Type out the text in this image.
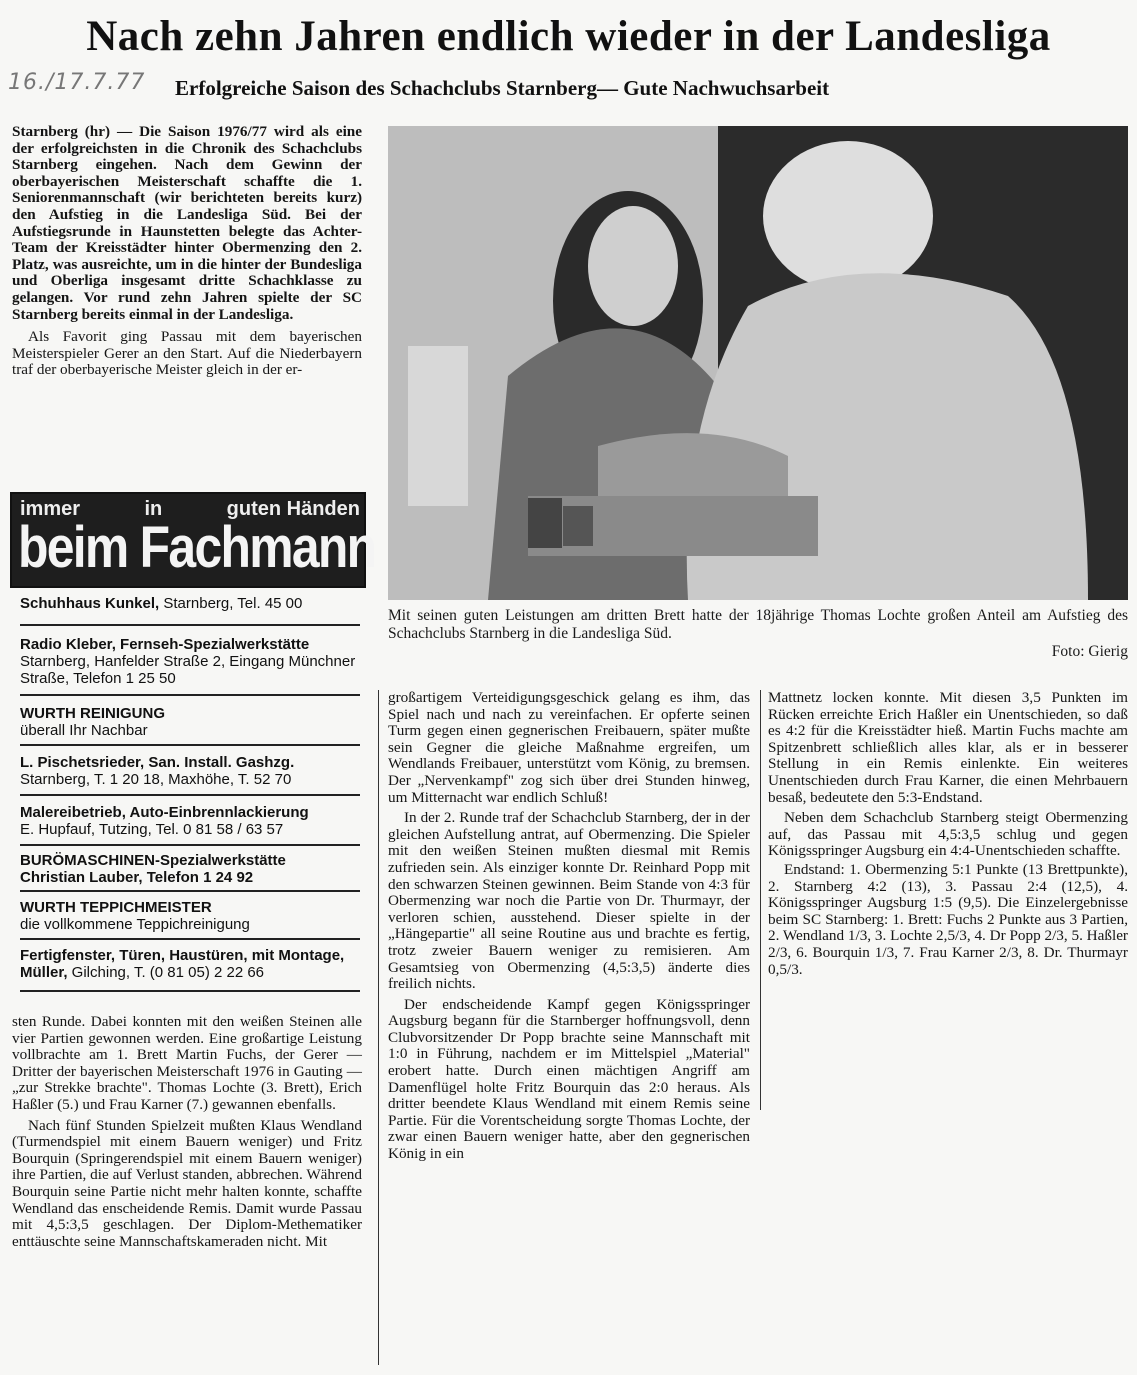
Nach zehn Jahren endlich wieder in der Landesliga
16./17.7.77 Erfolgreiche Saison des Schachclubs Starnberg— Gute Nachwuchsarbeit

Starnberg (hr) — Die Saison 1976/77 wird als eine der erfolgreichsten in die Chronik des Schachclubs Starnberg eingehen. Nach dem Gewinn der oberbayerischen Meisterschaft schaffte die 1. Seniorenmannschaft (wir berichteten bereits kurz) den Aufstieg in die Landesliga Süd. Bei der Aufstiegsrunde in Haunstetten belegte das Achter-Team der Kreisstädter hinter Obermenzing den 2. Platz, was ausreichte, um in die hinter der Bundesliga und Oberliga insgesamt dritte Schachklasse zu gelangen. Vor rund zehn Jahren spielte der SC Starnberg bereits einmal in der Landesliga.

Als Favorit ging Passau mit dem bayerischen Meisterspieler Gerer an den Start. Auf die Niederbayern traf der oberbayerische Meister gleich in der er-

Mit seinen guten Leistungen am dritten Brett hatte der 18jährige Thomas Lochte großen Anteil am Aufstieg des Schachclubs Starnberg in die Landesliga Süd.
Foto: Gierig
immer	in	guten Händen
beim Fachmann
Schuhhaus Kunkel, Starnberg, Tel. 45 00
Radio Kleber, Fernseh-Spezialwerkstätte
Starnberg, Hanfelder Straße 2, Eingang Münchner Straße, Telefon 1 25 50
WURTH REINIGUNG
überall Ihr Nachbar
L. Pischetsrieder, San. Install. Gashzg.
Starnberg, T. 1 20 18, Maxhöhe, T. 52 70
Malereibetrieb, Auto-Einbrennlackierung
E. Hupfauf, Tutzing, Tel. 0 81 58 / 63 57
BURÖMASCHINEN-Spezialwerkstätte
Christian Lauber, Telefon 1 24 92
WURTH TEPPICHMEISTER
die vollkommene Teppichreinigung
Fertigfenster, Türen, Haustüren, mit Montage, Müller, Gilching, T. (0 81 05) 2 22 66

sten Runde. Dabei konnten mit den weißen Steinen alle vier Partien gewonnen werden. Eine großartige Leistung vollbrachte am 1. Brett Martin Fuchs, der Gerer — Dritter der bayerischen Meisterschaft 1976 in Gauting — „zur Strekke brachte". Thomas Lochte (3. Brett), Erich Haßler (5.) und Frau Karner (7.) gewannen ebenfalls.

Nach fünf Stunden Spielzeit mußten Klaus Wendland (Turmendspiel mit einem Bauern weniger) und Fritz Bourquin (Springerendspiel mit einem Bauern weniger) ihre Partien, die auf Verlust standen, abbrechen. Während Bourquin seine Partie nicht mehr halten konnte, schaffte Wendland das enscheidende Remis. Damit wurde Passau mit 4,5:3,5 geschlagen. Der Diplom-Methematiker enttäuschte seine Mannschaftskameraden nicht. Mit

großartigem Verteidigungsgeschick gelang es ihm, das Spiel nach und nach zu vereinfachen. Er opferte seinen Turm gegen einen gegnerischen Freibauern, später mußte sein Gegner die gleiche Maßnahme ergreifen, um Wendlands Freibauer, unterstützt vom König, zu bremsen. Der „Nervenkampf" zog sich über drei Stunden hinweg, um Mitternacht war endlich Schluß!

In der 2. Runde traf der Schachclub Starnberg, der in der gleichen Aufstellung antrat, auf Obermenzing. Die Spieler mit den weißen Steinen mußten diesmal mit Remis zufrieden sein. Als einziger konnte Dr. Reinhard Popp mit den schwarzen Steinen gewinnen. Beim Stande von 4:3 für Obermenzing war noch die Partie von Dr. Thurmayr, der verloren schien, ausstehend. Dieser spielte in der „Hängepartie" all seine Routine aus und brachte es fertig, trotz zweier Bauern weniger zu remisieren. Am Gesamtsieg von Obermenzing (4,5:3,5) änderte dies freilich nichts.

Der endscheidende Kampf gegen Königsspringer Augsburg begann für die Starnberger hoffnungsvoll, denn Clubvorsitzender Dr Popp brachte seine Mannschaft mit 1:0 in Führung, nachdem er im Mittelspiel „Material" erobert hatte. Durch einen mächtigen Angriff am Damenflügel holte Fritz Bourquin das 2:0 heraus. Als dritter beendete Klaus Wendland mit einem Remis seine Partie. Für die Vorentscheidung sorgte Thomas Lochte, der zwar einen Bauern weniger hatte, aber den gegnerischen König in ein

Mattnetz locken konnte. Mit diesen 3,5 Punkten im Rücken erreichte Erich Haßler ein Unentschieden, so daß es 4:2 für die Kreisstädter hieß. Martin Fuchs machte am Spitzenbrett schließlich alles klar, als er in besserer Stellung in ein Remis einlenkte. Ein weiteres Unentschieden durch Frau Karner, die einen Mehrbauern besaß, bedeutete den 5:3-Endstand.

Neben dem Schachclub Starnberg steigt Obermenzing auf, das Passau mit 4,5:3,5 schlug und gegen Königsspringer Augsburg ein 4:4-Unentschieden schaffte.

Endstand: 1. Obermenzing 5:1 Punkte (13 Brettpunkte), 2. Starnberg 4:2 (13), 3. Passau 2:4 (12,5), 4. Königsspringer Augsburg 1:5 (9,5). Die Einzelergebnisse beim SC Starnberg: 1. Brett: Fuchs 2 Punkte aus 3 Partien, 2. Wendland 1/3, 3. Lochte 2,5/3, 4. Dr Popp 2/3, 5. Haßler 2/3, 6. Bourquin 1/3, 7. Frau Karner 2/3, 8. Dr. Thurmayr 0,5/3.
